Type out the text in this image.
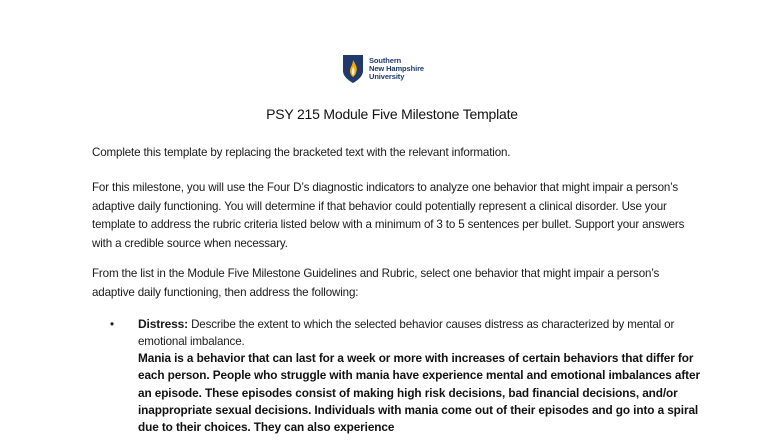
Southern
New Hampshire
University
PSY 215 Module Five Milestone Template
Complete this template by replacing the bracketed text with the relevant information.
For this milestone, you will use the Four D’s diagnostic indicators to analyze one behavior that might impair a person’s adaptive daily functioning. You will determine if that behavior could potentially represent a clinical disorder. Use your template to address the rubric criteria listed below with a minimum of 3 to 5 sentences per bullet. Support your answers with a credible source when necessary.
From the list in the Module Five Milestone Guidelines and Rubric, select one behavior that might impair a person’s adaptive daily functioning, then address the following:
• Distress: Describe the extent to which the selected behavior causes distress as characterized by mental or emotional imbalance.
Mania is a behavior that can last for a week or more with increases of certain behaviors that differ for each person. People who struggle with mania have experience mental and emotional imbalances after an episode. These episodes consist of making high risk decisions, bad financial decisions, and/or inappropriate sexual decisions. Individuals with mania come out of their episodes and go into a spiral due to their choices. They can also experience
